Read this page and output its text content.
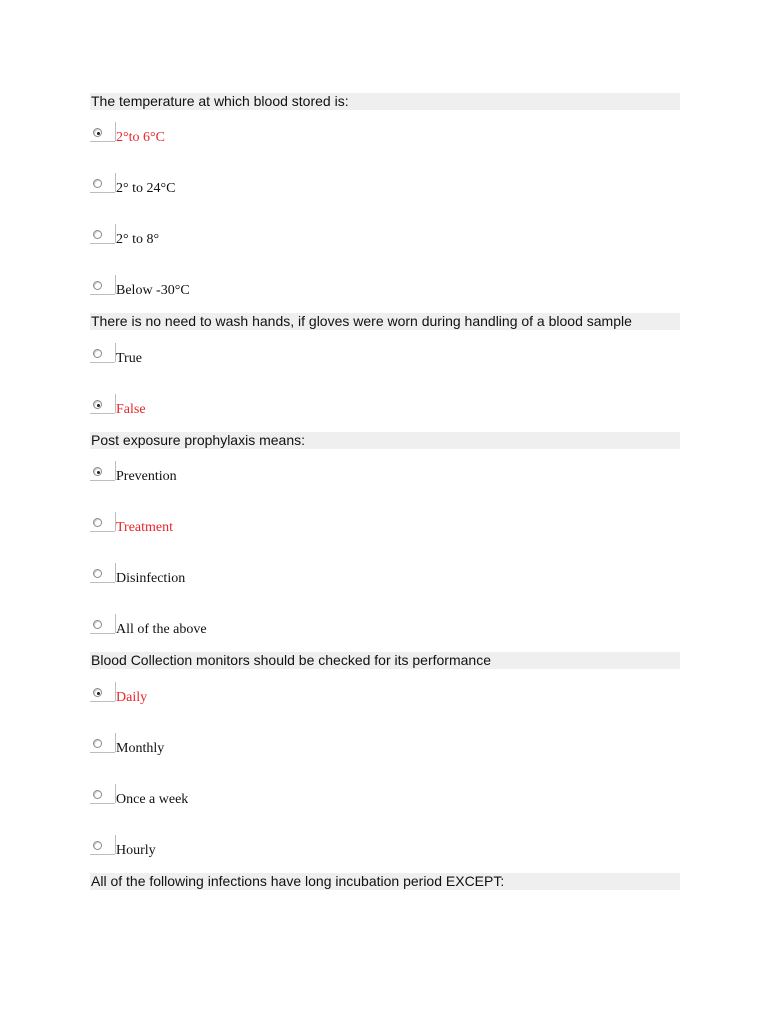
The temperature at which blood stored is:
2°to 6°C
2° to 24°C
2° to 8°
Below -30°C
There is no need to wash hands, if gloves were worn during handling of a blood sample
True
False
Post exposure prophylaxis means:
Prevention
Treatment
Disinfection
All of the above
Blood Collection monitors should be checked for its performance
Daily
Monthly
Once a week
Hourly
All of the following infections have long incubation period EXCEPT:
